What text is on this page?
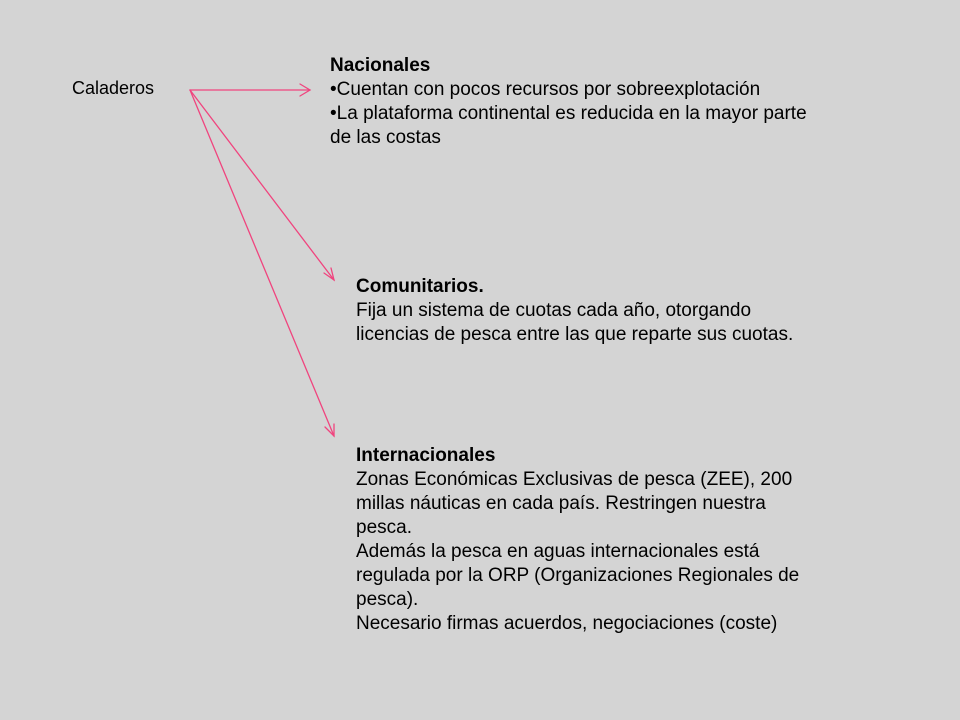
Caladeros
Nacionales
•Cuentan con pocos recursos por sobreexplotación
•La plataforma continental es reducida en la mayor parte
de las costas
Comunitarios.
Fija un sistema de cuotas cada año, otorgando
licencias de pesca entre las que reparte sus cuotas.
Internacionales
Zonas Económicas Exclusivas de pesca (ZEE), 200
millas náuticas en cada país. Restringen nuestra
pesca.
Además la pesca en aguas internacionales está
regulada por la ORP (Organizaciones Regionales de
pesca).
Necesario firmas acuerdos, negociaciones (coste)
